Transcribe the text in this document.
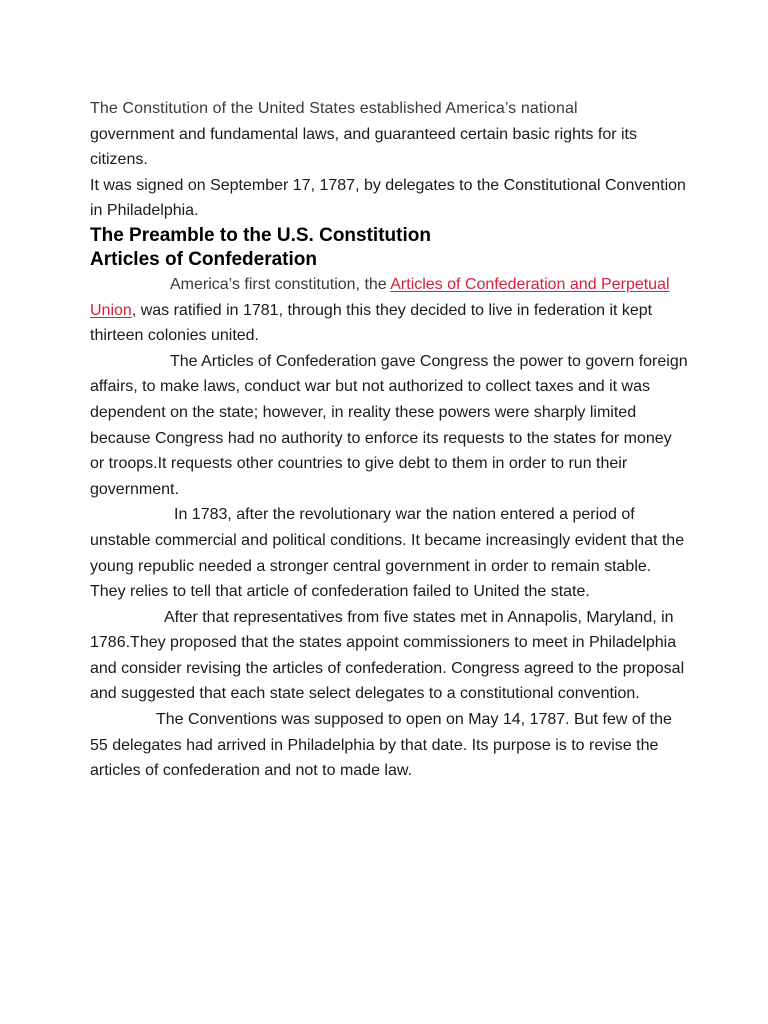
The Constitution of the United States established America’s national

government and fundamental laws, and guaranteed certain basic rights for its citizens.

It was signed on September 17, 1787, by delegates to the Constitutional Convention in Philadelphia.

The Preamble to the U.S. Constitution
Articles of Confederation

America’s first constitution, the Articles of Confederation and Perpetual Union, was ratified in 1781, through this they decided to live in federation it kept thirteen colonies united.

The Articles of Confederation gave Congress the power to govern foreign affairs, to make laws, conduct war but not authorized to collect taxes and it was dependent on the state; however, in reality these powers were sharply limited because Congress had no authority to enforce its requests to the states for money or troops.It requests other countries to give debt to them in order to run their government.

In 1783, after the revolutionary war the nation entered a period of unstable commercial and political conditions. It became increasingly evident that the young republic needed a stronger central government in order to remain stable. They relies to tell that article of confederation failed to United the state.

After that representatives from five states met in Annapolis, Maryland, in 1786.They proposed that the states appoint commissioners to meet in Philadelphia and consider revising the articles of confederation. Congress agreed to the proposal and suggested that each state select delegates to a constitutional convention.

The Conventions was supposed to open on May 14, 1787. But few of the 55 delegates had arrived in Philadelphia by that date. Its purpose is to revise the articles of confederation and not to made law.
